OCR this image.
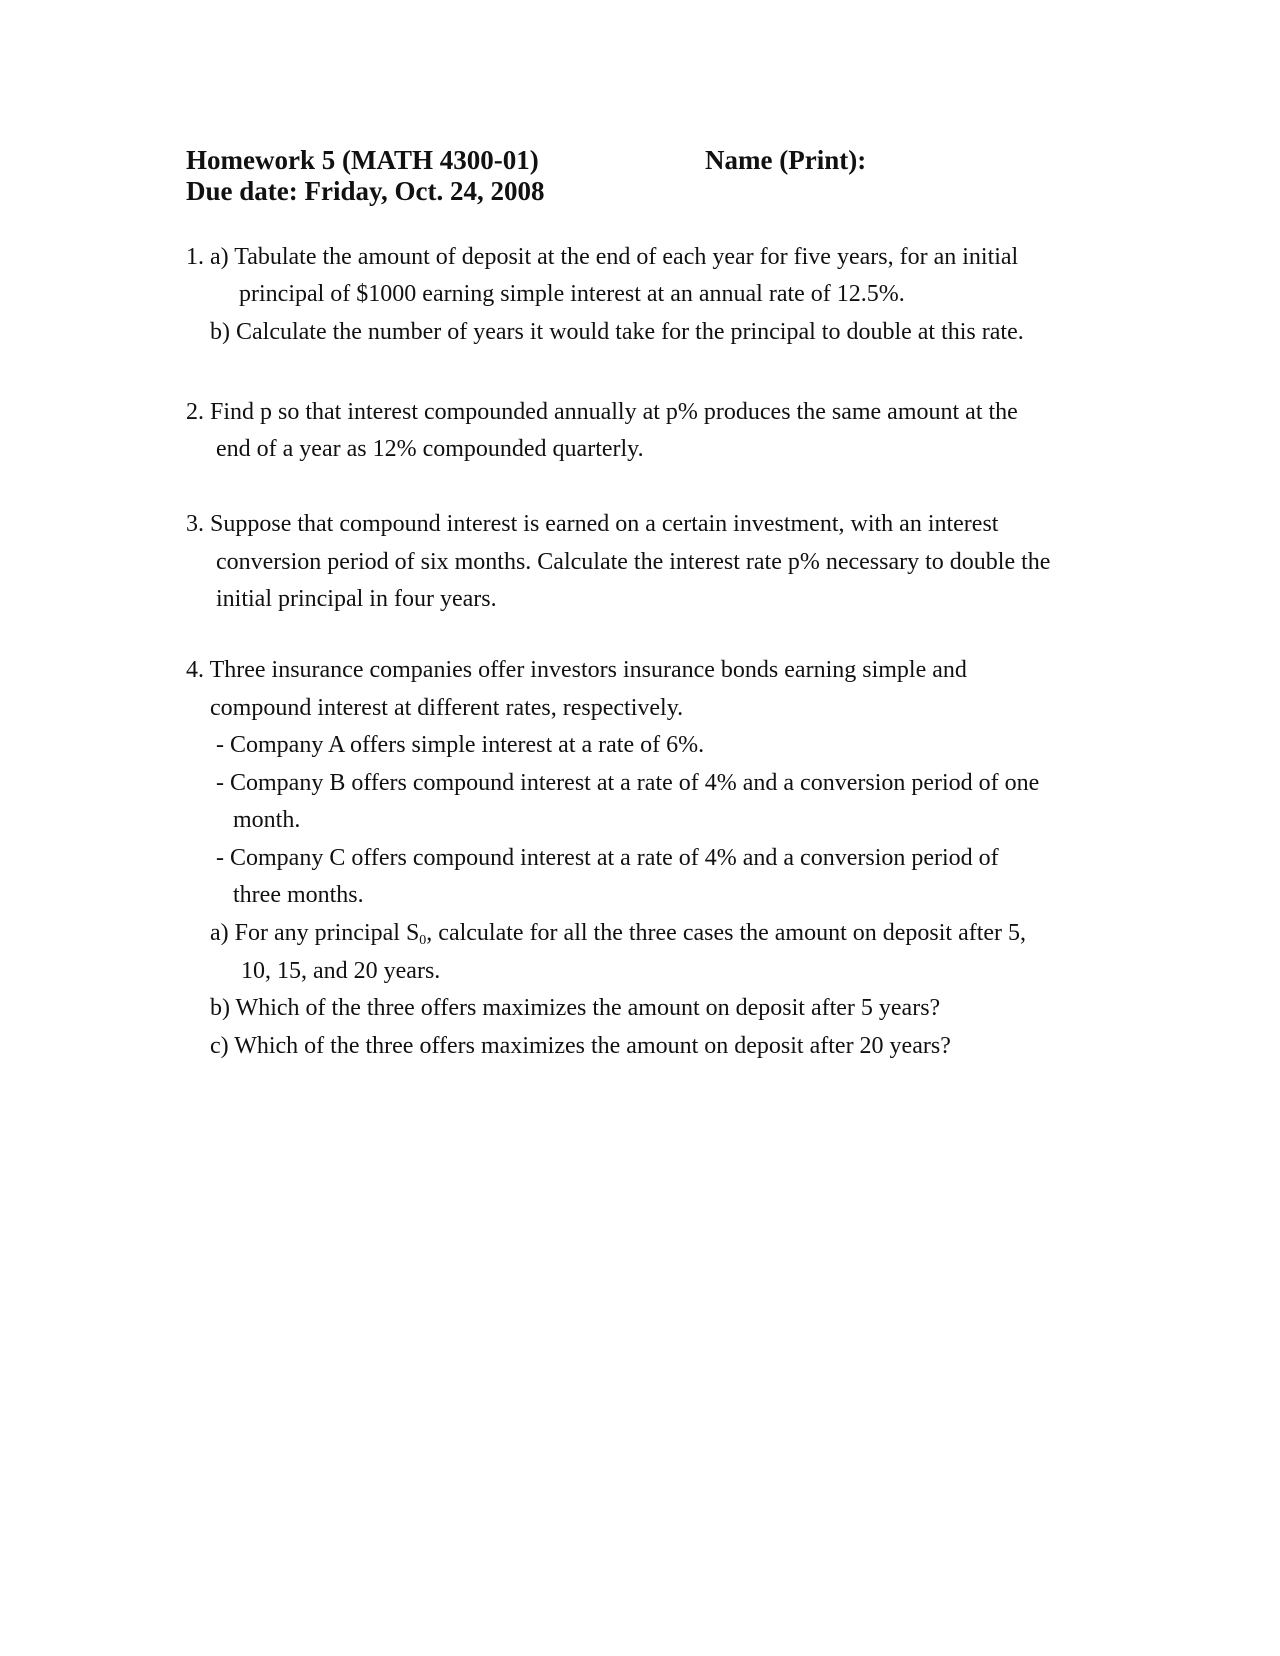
Homework 5 (MATH 4300-01)
Due date: Friday, Oct. 24, 2008
Name (Print):
1. a) Tabulate the amount of deposit at the end of each year for five years, for an initial
principal of $1000 earning simple interest at an annual rate of 12.5%.
b) Calculate the number of years it would take for the principal to double at this rate.
2. Find p so that interest compounded annually at p% produces the same amount at the
end of a year as 12% compounded quarterly.
3. Suppose that compound interest is earned on a certain investment, with an interest
conversion period of six months. Calculate the interest rate p% necessary to double the
initial principal in four years.
4. Three insurance companies offer investors insurance bonds earning simple and
compound interest at different rates, respectively.
- Company A offers simple interest at a rate of 6%.
- Company B offers compound interest at a rate of 4% and a conversion period of one
month.
- Company C offers compound interest at a rate of 4% and a conversion period of
three months.
a) For any principal $S_0$, calculate for all the three cases the amount on deposit after 5,
10, 15, and 20 years.
b) Which of the three offers maximizes the amount on deposit after 5 years?
c) Which of the three offers maximizes the amount on deposit after 20 years?
